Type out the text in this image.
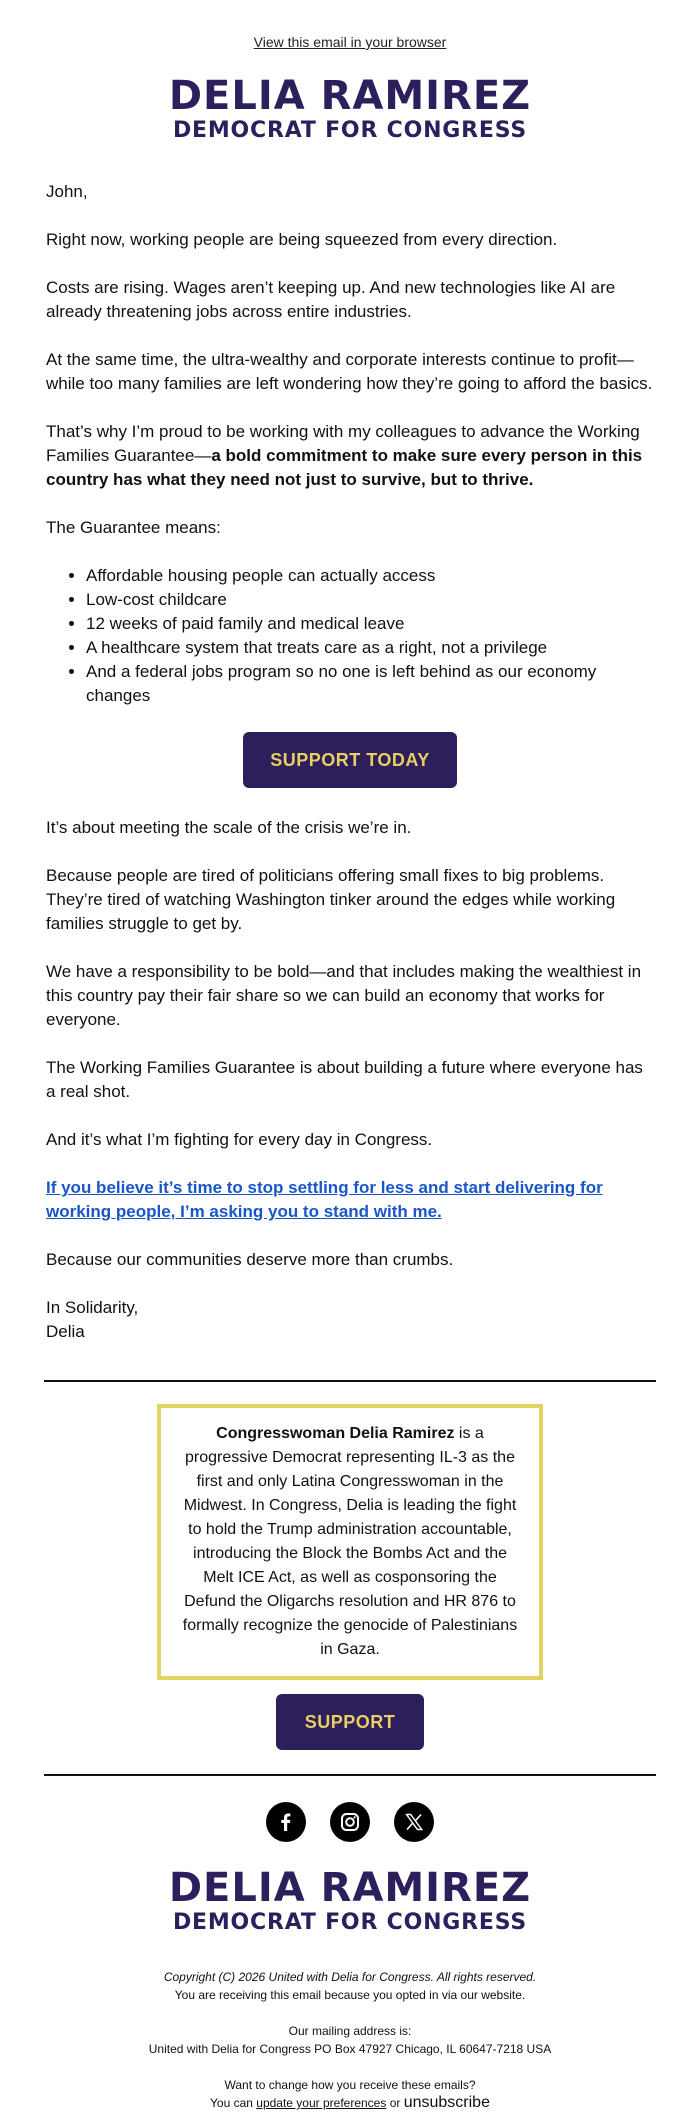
View this email in your browser
DELIA RAMIREZ
DEMOCRAT FOR CONGRESS

John,

Right now, working people are being squeezed from every direction.

Costs are rising. Wages aren’t keeping up. And new technologies like AI are already threatening jobs across entire industries.

At the same time, the ultra-wealthy and corporate interests continue to profit—while too many families are left wondering how they’re going to afford the basics.

That’s why I’m proud to be working with my colleagues to advance the Working Families Guarantee—a bold commitment to make sure every person in this country has what they need not just to survive, but to thrive.

The Guarantee means:

• Affordable housing people can actually access
• Low-cost childcare
• 12 weeks of paid family and medical leave
• A healthcare system that treats care as a right, not a privilege
• And a federal jobs program so no one is left behind as our economy changes
SUPPORT TODAY

It’s about meeting the scale of the crisis we’re in.

Because people are tired of politicians offering small fixes to big problems. They’re tired of watching Washington tinker around the edges while working families struggle to get by.

We have a responsibility to be bold—and that includes making the wealthiest in this country pay their fair share so we can build an economy that works for everyone.

The Working Families Guarantee is about building a future where everyone has a real shot.

And it’s what I’m fighting for every day in Congress.

If you believe it’s time to stop settling for less and start delivering for working people, I’m asking you to stand with me.

Because our communities deserve more than crumbs.

In Solidarity,
Delia

Congresswoman Delia Ramirez is a progressive Democrat representing IL-3 as the first and only Latina Congresswoman in the Midwest. In Congress, Delia is leading the fight to hold the Trump administration accountable, introducing the Block the Bombs Act and the Melt ICE Act, as well as cosponsoring the Defund the Oligarchs resolution and HR 876 to formally recognize the genocide of Palestinians in Gaza.
SUPPORT

DELIA RAMIREZ
DEMOCRAT FOR CONGRESS
Copyright (C) 2026 United with Delia for Congress. All rights reserved.
You are receiving this email because you opted in via our website.
Our mailing address is:
United with Delia for Congress PO Box 47927 Chicago, IL 60647-7218 USA
Want to change how you receive these emails?
You can update your preferences or unsubscribe
